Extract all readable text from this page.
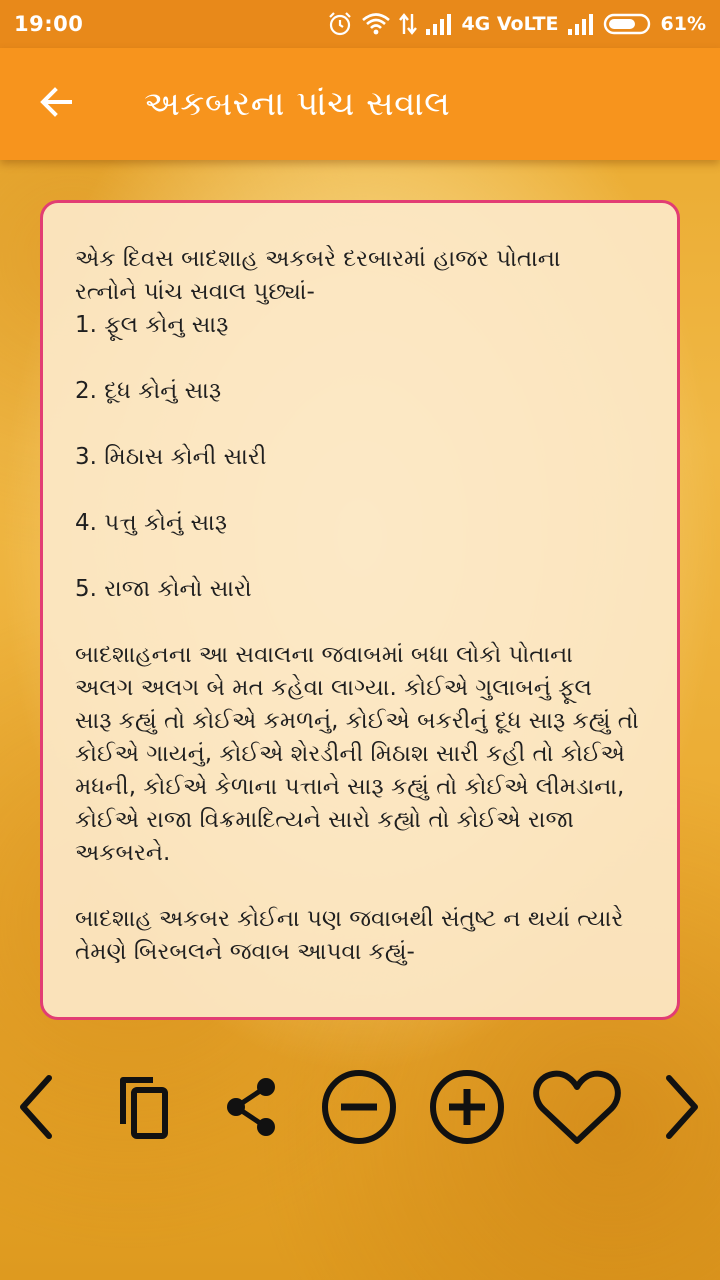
19:00	4G VoLTE	61%
અકબરના પાંચ સવાલ

એક દિવસ બાદશાહ અકબરે દરબારમાં હાજર પોતાના
રત્નોને પાંચ સવાલ પુછ્યાં-
1. ફૂલ કોનુ સારૂ

2. દૂધ કોનું સારૂ

3. મિઠાસ કોની સારી

4. પત્તુ કોનું સારૂ

5. રાજા કોનો સારો

બાદશાહનના આ સવાલના જવાબમાં બધા લોકો પોતાના
અલગ અલગ બે મત કહેવા લાગ્યા. કોઈએ ગુલાબનું ફૂલ
સારૂ કહ્યું તો કોઈએ કમળનું, કોઈએ બકરીનું દૂધ સારૂ કહ્યું તો
કોઈએ ગાયનું, કોઈએ શેરડીની મિઠાશ સારી કહી તો કોઈએ
મધની, કોઈએ કેળાના પત્તાને સારૂ કહ્યું તો કોઈએ લીમડાના,
કોઈએ રાજા વિક્રમાદિત્યને સારો કહ્યો તો કોઈએ રાજા
અકબરને.

બાદશાહ અકબર કોઈના પણ જવાબથી સંતુષ્ટ ન થયાં ત્યારે
તેમણે બિરબલને જવાબ આપવા કહ્યું-
